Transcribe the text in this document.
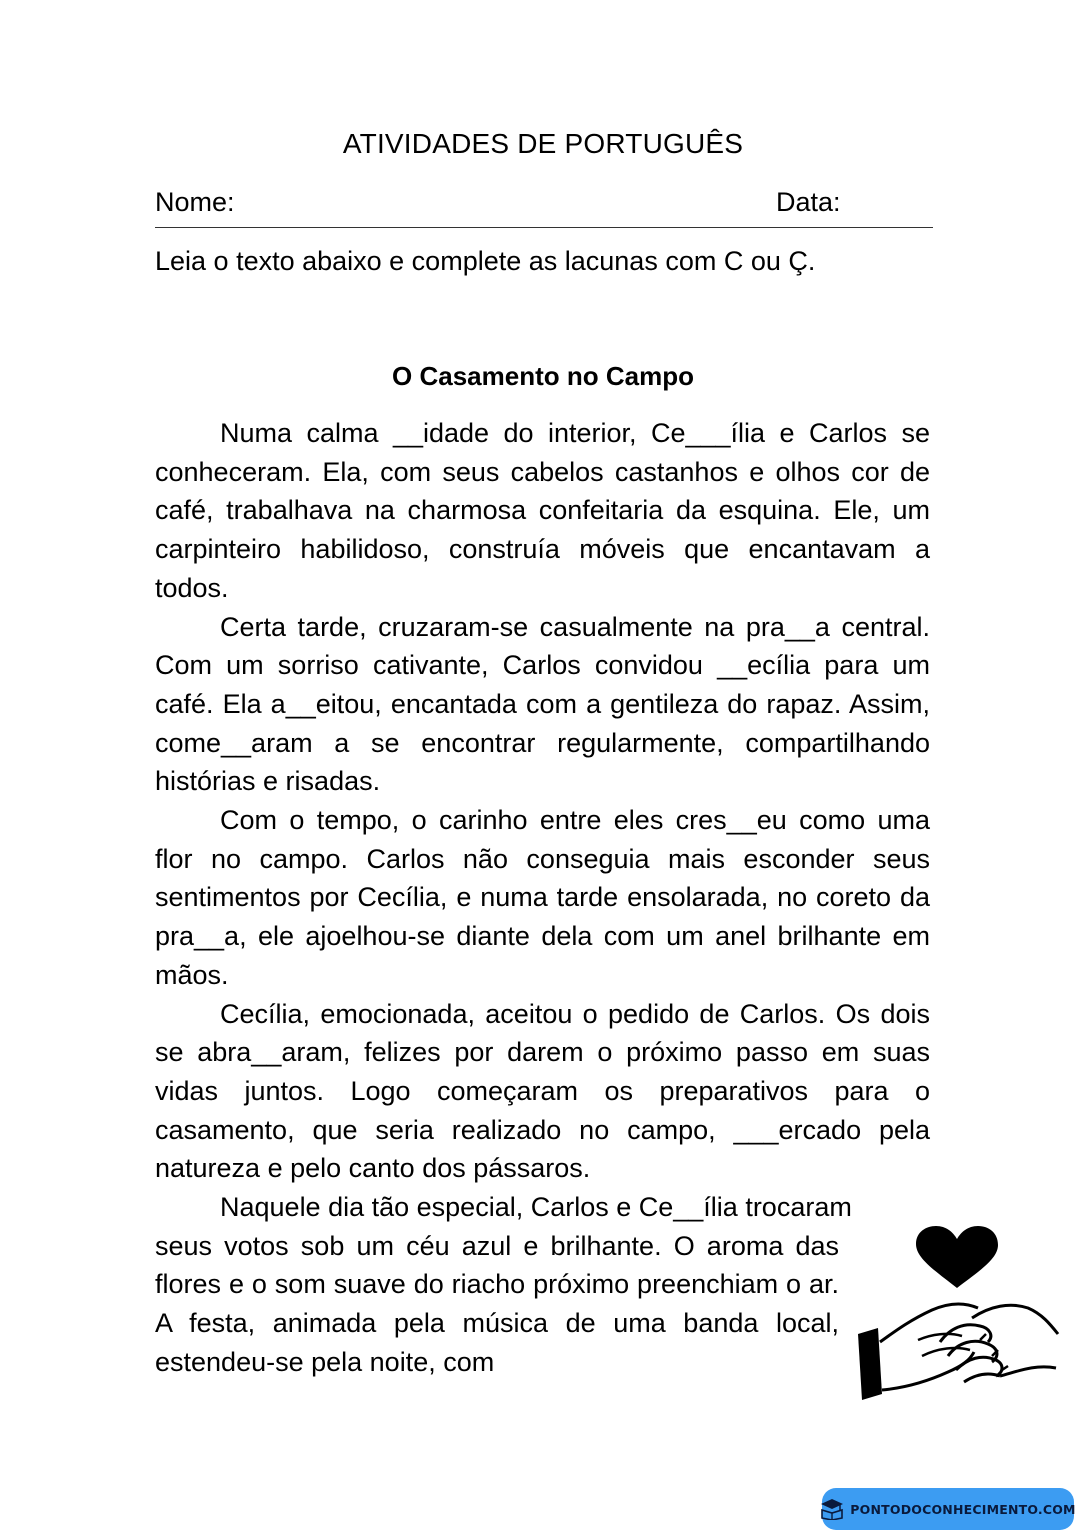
ATIVIDADES DE PORTUGUÊS
Nome:	Data:
Leia o texto abaixo e complete as lacunas com C ou Ç.
O Casamento no Campo

Numa calma __idade do interior, Ce___ília e Carlos se conheceram. Ela, com seus cabelos castanhos e olhos cor de café, trabalhava na charmosa confeitaria da esquina. Ele, um carpinteiro habilidoso, construía móveis que encantavam a todos.

Certa tarde, cruzaram-se casualmente na pra__a central. Com um sorriso cativante, Carlos convidou __ecília para um café. Ela a__eitou, encantada com a gentileza do rapaz. Assim, come__aram a se encontrar regularmente, compartilhando histórias e risadas.

Com o tempo, o carinho entre eles cres__eu como uma flor no campo. Carlos não conseguia mais esconder seus sentimentos por Cecília, e numa tarde ensolarada, no coreto da pra__a, ele ajoelhou-se diante dela com um anel brilhante em mãos.

Cecília, emocionada, aceitou o pedido de Carlos. Os dois se abra__aram, felizes por darem o próximo passo em suas vidas juntos. Logo começaram os preparativos para o casamento, que seria realizado no campo, ___ercado pela natureza e pelo canto dos pássaros.

Naquele dia tão especial, Carlos e Ce__ília trocaram
seus votos sob um céu azul e brilhante. O aroma das flores e o som suave do riacho próximo preenchiam o ar. A festa, animada pela música de uma banda local, estendeu-se pela noite, com

PONTODOCONHECIMENTO.COM
